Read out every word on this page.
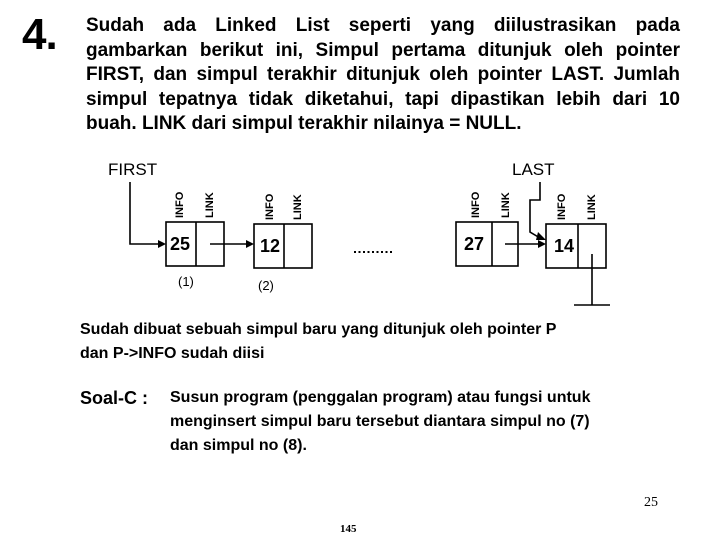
4. Sudah ada Linked List seperti yang diilustrasikan pada gambarkan berikut ini, Simpul pertama ditunjuk oleh pointer FIRST, dan simpul terakhir ditunjuk oleh pointer LAST. Jumlah simpul tepatnya tidak diketahui, tapi dipastikan lebih dari 10 buah. LINK dari simpul terakhir nilainya = NULL.
FIRST	LAST
INFO LINK	INFO LINK	INFO LINK	INFO LINK
25	12	27	14
(1)	(2)
Sudah dibuat sebuah simpul baru yang ditunjuk oleh pointer P
dan P->INFO sudah diisi
Soal-C : Susun program (penggalan program) atau fungsi untuk
menginsert simpul baru tersebut diantara simpul no (7)
dan simpul no (8).
25
145
